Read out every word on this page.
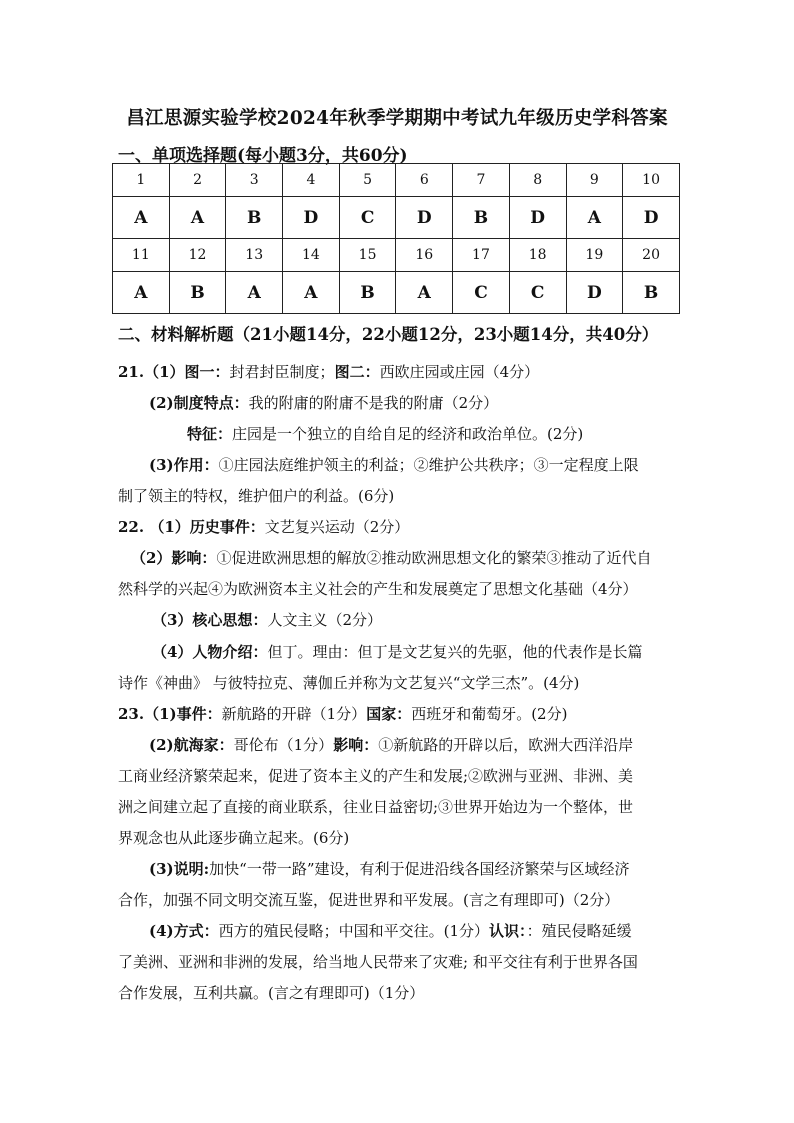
昌江思源实验学校2024年秋季学期期中考试九年级历史学科答案
一、单项选择题(每小题3分，共60分)
1	2	3	4	5	6	7	8	9	10
A	A	B	D	C	D	B	D	A	D
11	12	13	14	15	16	17	18	19	20
A	B	A	A	B	A	C	C	D	B
二、材料解析题（21小题14分，22小题12分，23小题14分，共40分）
21.（1）图一：封君封臣制度；图二：西欧庄园或庄园（4分）
(2)制度特点：我的附庸的附庸不是我的附庸（2分）
特征：庄园是一个独立的自给自足的经济和政治单位。(2分)
(3)作用：①庄园法庭维护领主的利益；②维护公共秩序；③一定程度上限
制了领主的特权，维护佃户的利益。(6分)
22. （1）历史事件：文艺复兴运动（2分）
（2）影响：①促进欧洲思想的解放②推动欧洲思想文化的繁荣③推动了近代自
然科学的兴起④为欧洲资本主义社会的产生和发展奠定了思想文化基础（4分）
（3）核心思想：人文主义（2分）
（4）人物介绍：但丁。理由：但丁是文艺复兴的先驱，他的代表作是长篇
诗作《神曲》 与彼特拉克、薄伽丘并称为文艺复兴“文学三杰”。(4分)
23.（1)事件：新航路的开辟（1分）国家：西班牙和葡萄牙。(2分)
(2)航海家：哥伦布（1分）影响：①新航路的开辟以后，欧洲大西洋沿岸
工商业经济繁荣起来，促进了资本主义的产生和发展;②欧洲与亚洲、非洲、美
洲之间建立起了直接的商业联系，往业日益密切;③世界开始边为一个整体，世
界观念也从此逐步确立起来。(6分)
(3)说明:加快“一带一路”建设，有利于促进沿线各国经济繁荣与区域经济
合作，加强不同文明交流互鉴，促进世界和平发展。(言之有理即可)（2分）
(4)方式：西方的殖民侵略；中国和平交往。(1分）认识：：殖民侵略延缓
了美洲、亚洲和非洲的发展，给当地人民带来了灾难; 和平交往有利于世界各国
合作发展，互利共赢。(言之有理即可)（1分）
